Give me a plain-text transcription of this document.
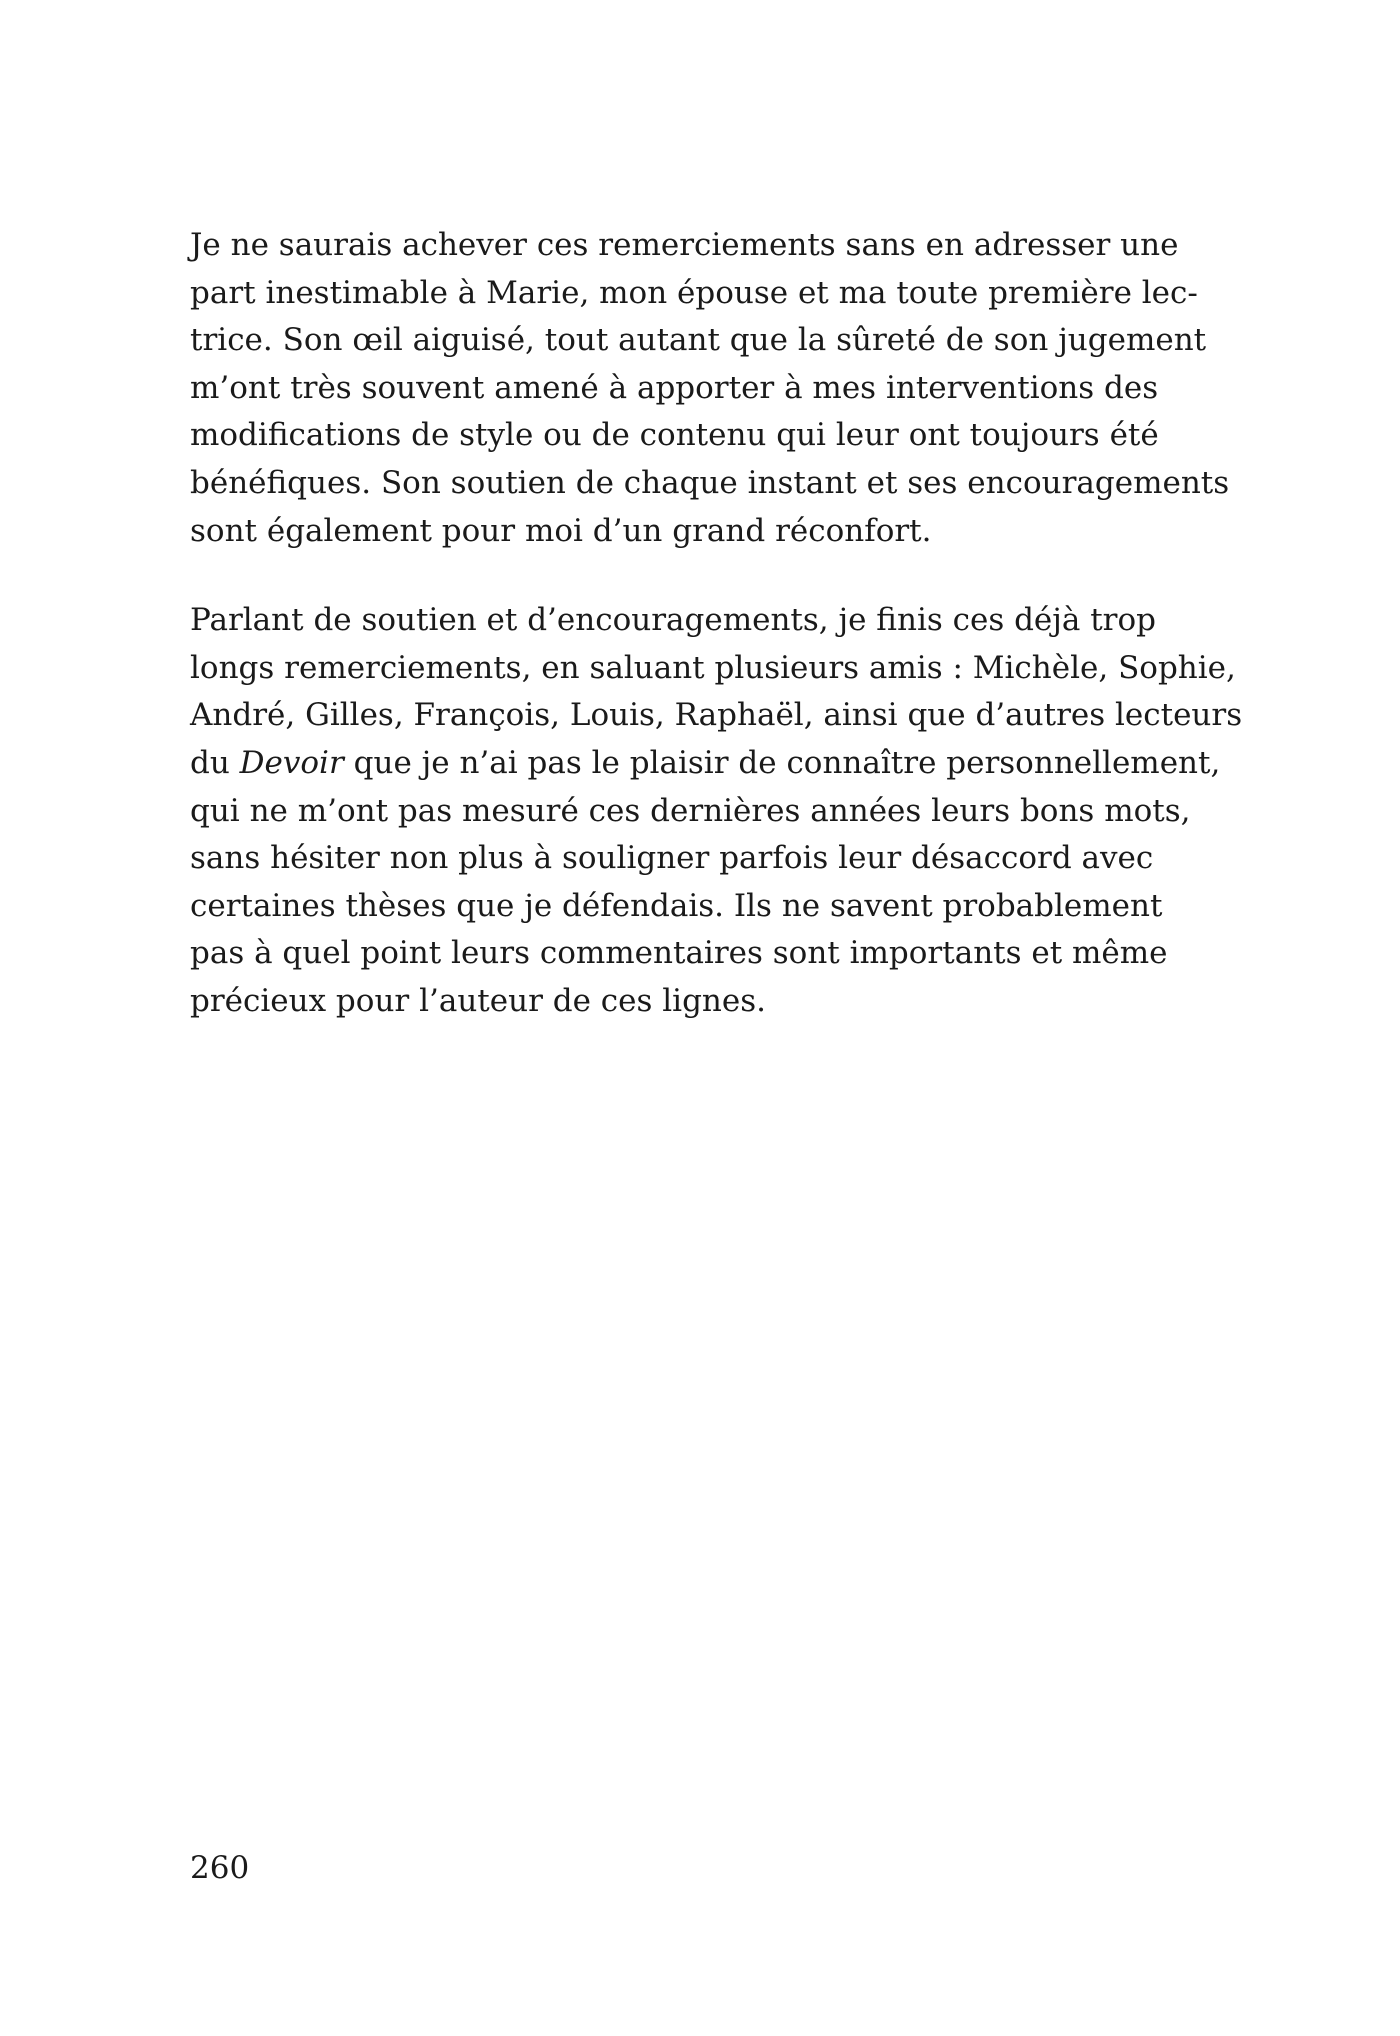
Je ne saurais achever ces remerciements sans en adresser une
part inestimable à Marie, mon épouse et ma toute première lec-
trice. Son œil aiguisé, tout autant que la sûreté de son jugement
m’ont très souvent amené à apporter à mes interventions des
modifications de style ou de contenu qui leur ont toujours été
bénéfiques. Son soutien de chaque instant et ses encouragements
sont également pour moi d’un grand réconfort.

Parlant de soutien et d’encouragements, je finis ces déjà trop
longs remerciements, en saluant plusieurs amis : Michèle, Sophie,
André, Gilles, François, Louis, Raphaël, ainsi que d’autres lecteurs
du Devoir que je n’ai pas le plaisir de connaître personnellement,
qui ne m’ont pas mesuré ces dernières années leurs bons mots,
sans hésiter non plus à souligner parfois leur désaccord avec
certaines thèses que je défendais. Ils ne savent probablement
pas à quel point leurs commentaires sont importants et même
précieux pour l’auteur de ces lignes.

260
